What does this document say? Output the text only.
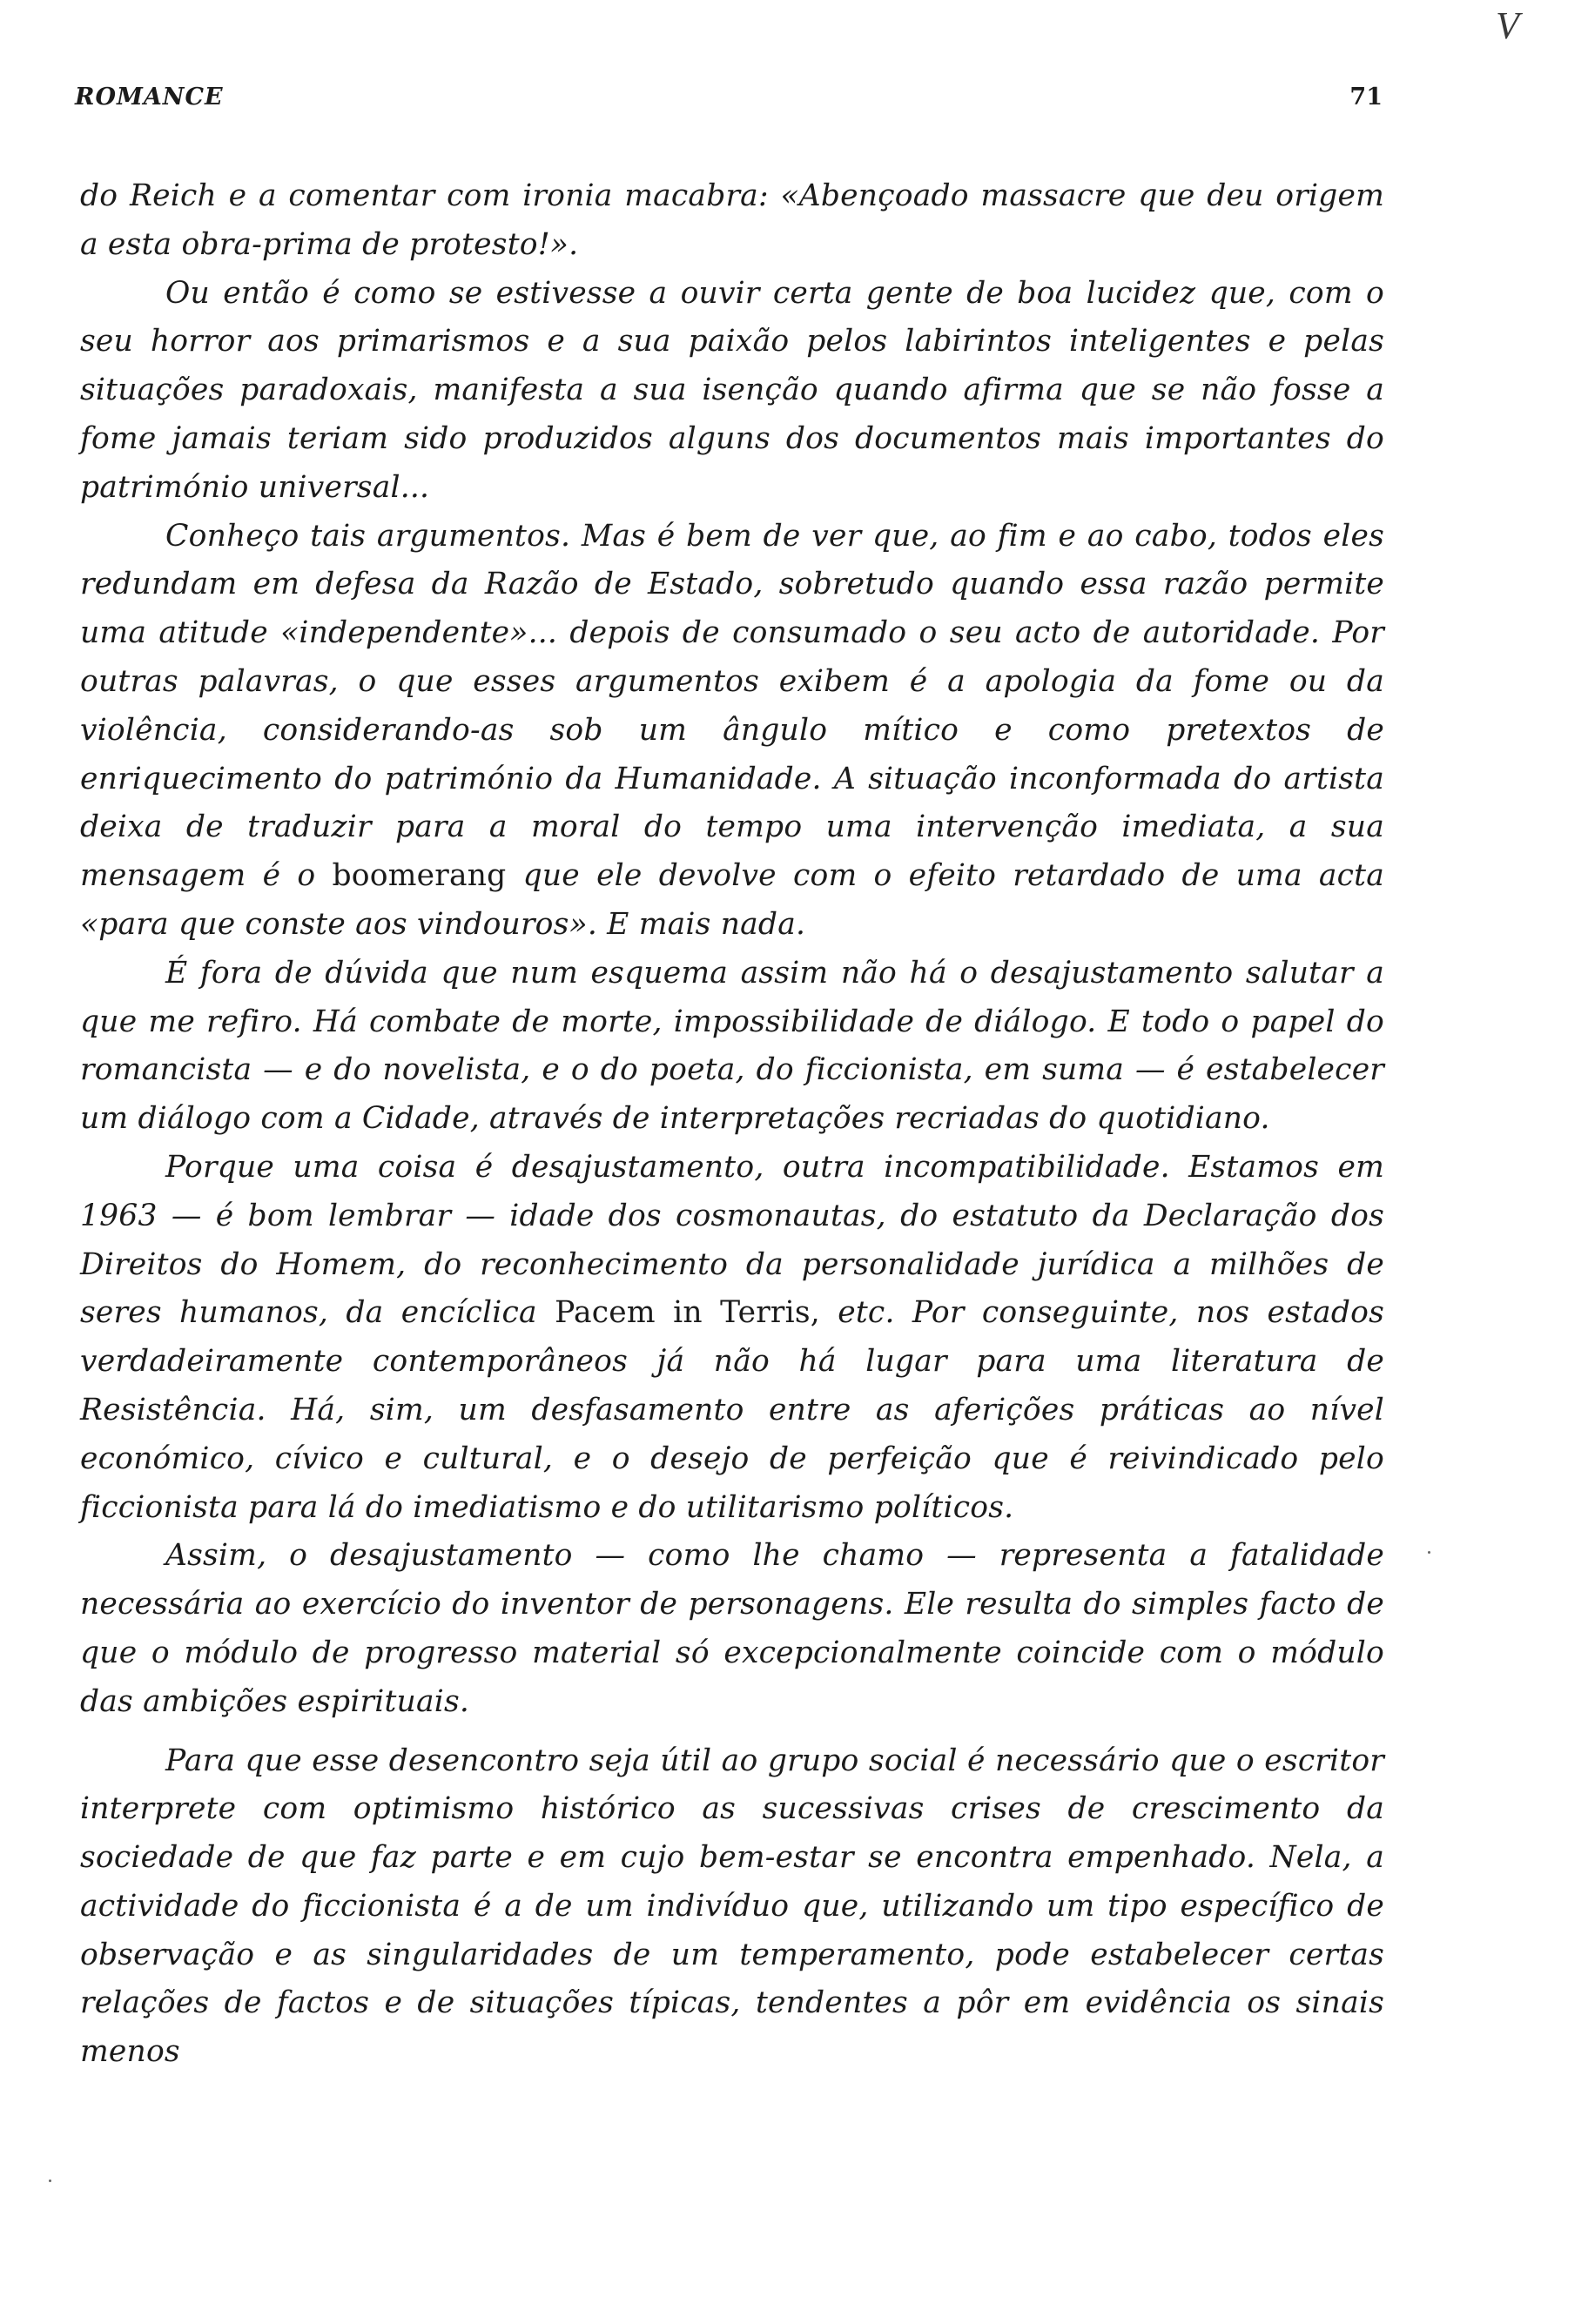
V
ROMANCE	71

do Reich e a comentar com ironia macabra: «Abençoado massacre que deu origem a esta obra-prima de protesto!».

Ou então é como se estivesse a ouvir certa gente de boa lucidez que, com o seu horror aos primarismos e a sua paixão pelos labirintos inteligentes e pelas situações paradoxais, manifesta a sua isenção quando afirma que se não fosse a fome jamais teriam sido produzidos alguns dos documentos mais importantes do património universal...

Conheço tais argumentos. Mas é bem de ver que, ao fim e ao cabo, todos eles redundam em defesa da Razão de Estado, sobretudo quando essa razão permite uma atitude «independente»... depois de consumado o seu acto de autoridade. Por outras palavras, o que esses argumentos exibem é a apologia da fome ou da violência, considerando-as sob um ângulo mítico e como pretextos de enriquecimento do património da Humanidade. A situação inconformada do artista deixa de traduzir para a moral do tempo uma intervenção imediata, a sua mensagem é o boomerang que ele devolve com o efeito retardado de uma acta «para que conste aos vindouros». E mais nada.

É fora de dúvida que num esquema assim não há o desajustamento salutar a que me refiro. Há combate de morte, impossibilidade de diálogo. E todo o papel do romancista — e do novelista, e o do poeta, do ficcionista, em suma — é estabelecer um diálogo com a Cidade, através de interpretações recriadas do quotidiano.

Porque uma coisa é desajustamento, outra incompatibilidade. Estamos em 1963 — é bom lembrar — idade dos cosmonautas, do estatuto da Declaração dos Direitos do Homem, do reconhecimento da personalidade jurídica a milhões de seres humanos, da encíclica Pacem in Terris, etc. Por conseguinte, nos estados verdadeiramente contemporâneos já não há lugar para uma literatura de Resistência. Há, sim, um desfasamento entre as aferições práticas ao nível económico, cívico e cultural, e o desejo de perfeição que é reivindicado pelo ficcionista para lá do imediatismo e do utilitarismo políticos.

Assim, o desajustamento — como lhe chamo — representa a fatalidade necessária ao exercício do inventor de personagens. Ele resulta do simples facto de que o módulo de progresso material só excepcionalmente coincide com o módulo das ambições espirituais.

Para que esse desencontro seja útil ao grupo social é necessário que o escritor interprete com optimismo histórico as sucessivas crises de crescimento da sociedade de que faz parte e em cujo bem-estar se encontra empenhado. Nela, a actividade do ficcionista é a de um indivíduo que, utilizando um tipo específico de observação e as singularidades de um temperamento, pode estabelecer certas relações de factos e de situações típicas, tendentes a pôr em evidência os sinais menos
